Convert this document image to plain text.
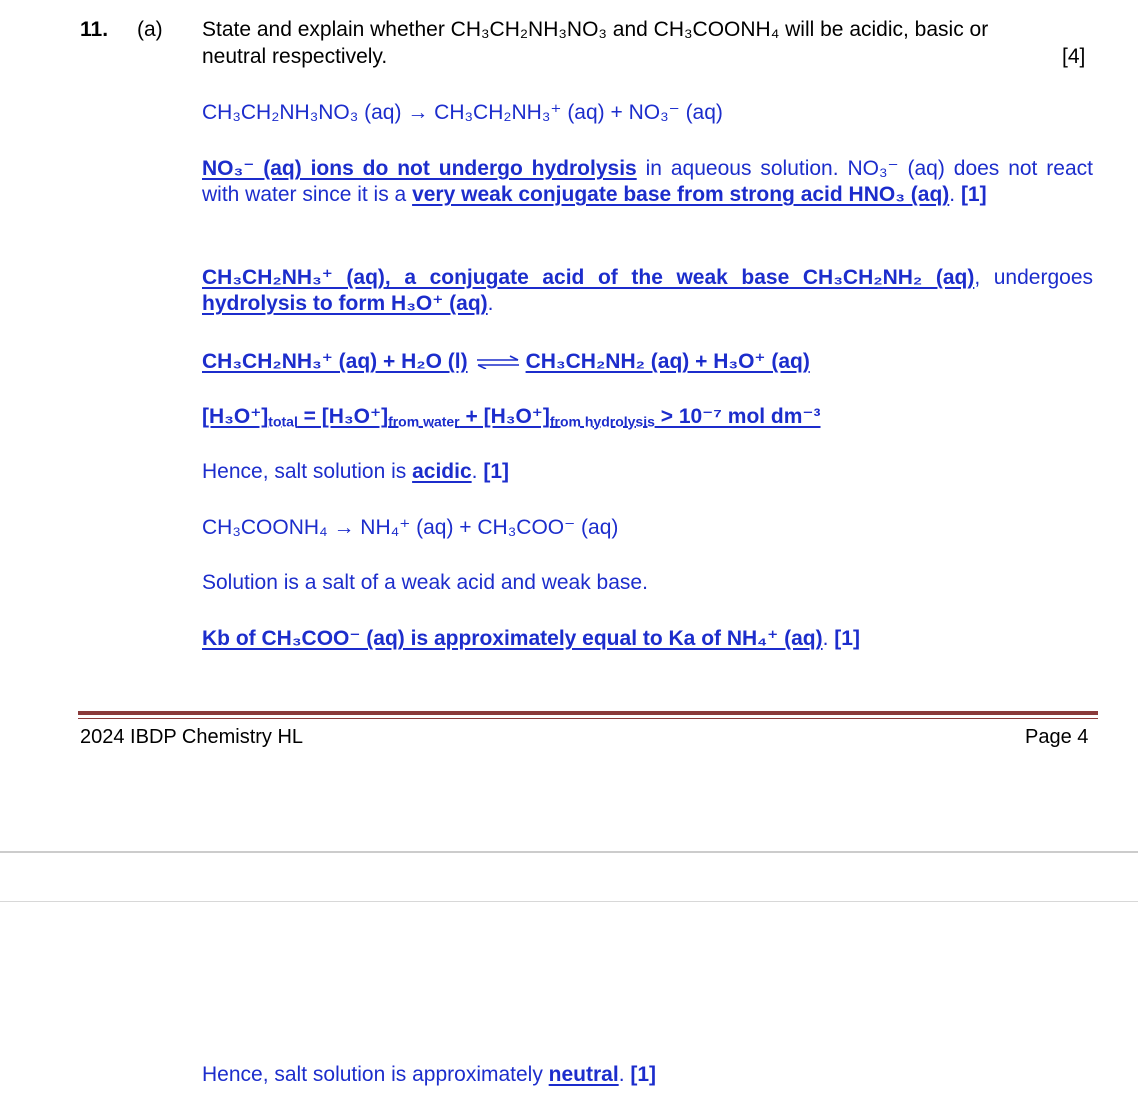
11. (a) State and explain whether CH₃CH₂NH₃NO₃ and CH₃COONH₄ will be acidic, basic or
neutral respectively.	[4]
CH₃CH₂NH₃NO₃ (aq) → CH₃CH₂NH₃⁺ (aq) + NO₃⁻ (aq)
NO₃⁻ (aq) ions do not undergo hydrolysis in aqueous solution. NO₃⁻ (aq) does not react with water since it is a very weak conjugate base from strong acid HNO₃ (aq). [1]
CH₃CH₂NH₃⁺ (aq), a conjugate acid of the weak base CH₃CH₂NH₂ (aq), undergoes hydrolysis to form H₃O⁺ (aq).
CH₃CH₂NH₃⁺ (aq) + H₂O (l) ⇌ CH₃CH₂NH₂ (aq) + H₃O⁺ (aq)
$[H_3O^+]_{total} = [H_3O^+]_{from water} + [H_3O^+]_{from hydrolysis} > 10^{-7}$ mol dm⁻³
Hence, salt solution is acidic. [1]
CH₃COONH₄ → NH₄⁺ (aq) + CH₃COO⁻ (aq)
Solution is a salt of a weak acid and weak base.
Kb of CH₃COO⁻ (aq) is approximately equal to Ka of NH₄⁺ (aq). [1]
2024 IBDP Chemistry HL	Page 4
Hence, salt solution is approximately neutral. [1]
